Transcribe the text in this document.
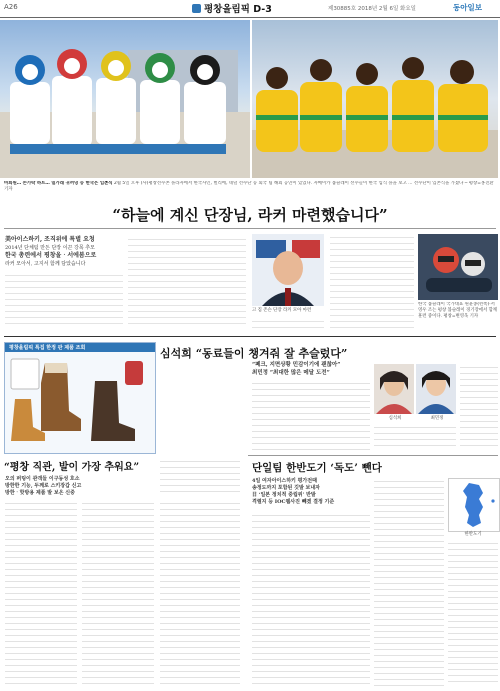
A26	평창올림픽 D-3	제30885호 2018년 2월 6일 화요일	동아일보
마회원… 손가락 하트… 밀가래 귀꺼덩 등 한국은 입촌식 2월 5일 오후 (사)평창선수촌 플라자에서 한국사인, 벌리에, 네덜 선수단 등 외국 팀 해외 공연이 있었다. 자메이카 봅슬레이 선수들이 한국 입식 플을 보고 … 선수단이 입촌식을 가졌다 ─ 평창=홍진환 기자
“하늘에 계신 단장님, 라커 마련했습니다”
美아이스하키, 조직위에 특별 요청
2014년 단체팀 만든 단장 이끈 강목 추모
한국 총련에서 평창올‧서에봄으로
라커 모아서, 고지서 함께 담았습니다
고 짐 존슨 단장 라커 모아 마련
한국 봅슬레이 국가대표 원윤종(왼쪽)‧서영우 조는 평창 봅슬레이 경기장에서 함께 훈련 중이다. 평창=변영욱 기자
평창올림픽 특집 한정 판 제품 조회
“평창 직관, 발이 가장 추워요”
오의 퍼팅이 관객들 이구동성 호소
방한한 기능, 두께로 스키장갑 신고
방한‧핫방용 제품 발 보온 신중
심석희 “동료들이 챙겨줘 잘 추슬렀다”
“폐크, 지면상황 민감이기에 괜찮아”
최민정 “최대한 많은 메달 도전”
심석희	최민정
단일팀 한반도기 ‘독도’ 뺀다
4일 여자아이스하키 평가전때
송정도까지 포함된 깃발 보내자
日 ‘일본 정치적 중립위’ 반발
격렬지 등 IOC웹사진 빼겠 결정 기준
한반도기
